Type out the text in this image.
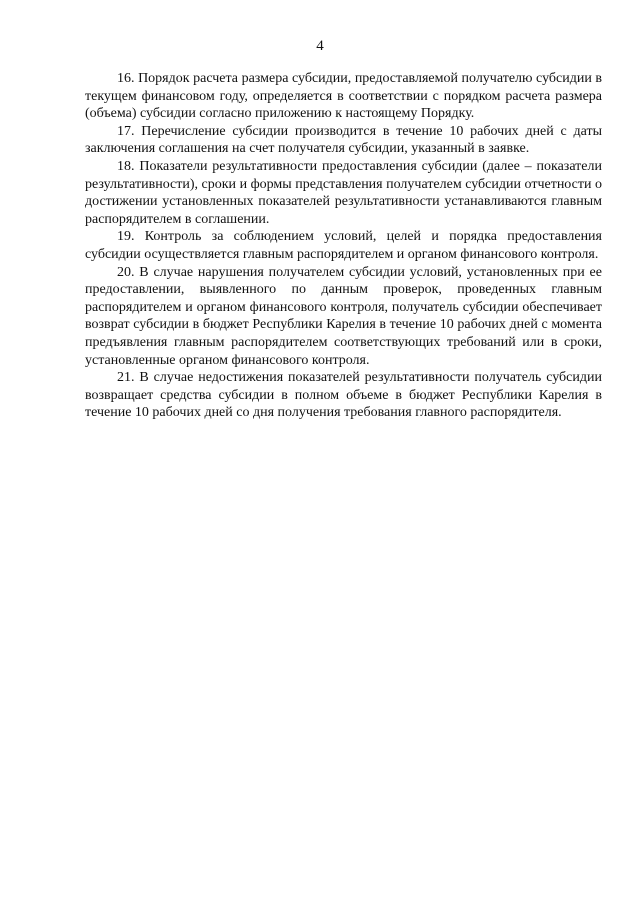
4

16. Порядок расчета размера субсидии, предоставляемой получателю субсидии в текущем финансовом году, определяется в соответствии с порядком расчета размера (объема) субсидии согласно приложению к настоящему Порядку.

17. Перечисление субсидии производится в течение 10 рабочих дней с даты заключения соглашения на счет получателя субсидии, указанный в заявке.

18. Показатели результативности предоставления субсидии (далее – показатели результативности), сроки и формы представления получателем субсидии отчетности о достижении установленных показателей результативности устанавливаются главным распорядителем в соглашении.

19. Контроль за соблюдением условий, целей и порядка предоставления субсидии осуществляется главным распорядителем и органом финансового контроля.

20. В случае нарушения получателем субсидии условий, установленных при ее предоставлении, выявленного по данным проверок, проведенных главным распорядителем и органом финансового контроля, получатель субсидии обеспечивает возврат субсидии в бюджет Республики Карелия в течение 10 рабочих дней с момента предъявления главным распорядителем соответствующих требований или в сроки, установленные органом финансового контроля.

21. В случае недостижения показателей результативности получатель субсидии возвращает средства субсидии в полном объеме в бюджет Республики Карелия в течение 10 рабочих дней со дня получения требования главного распорядителя.
